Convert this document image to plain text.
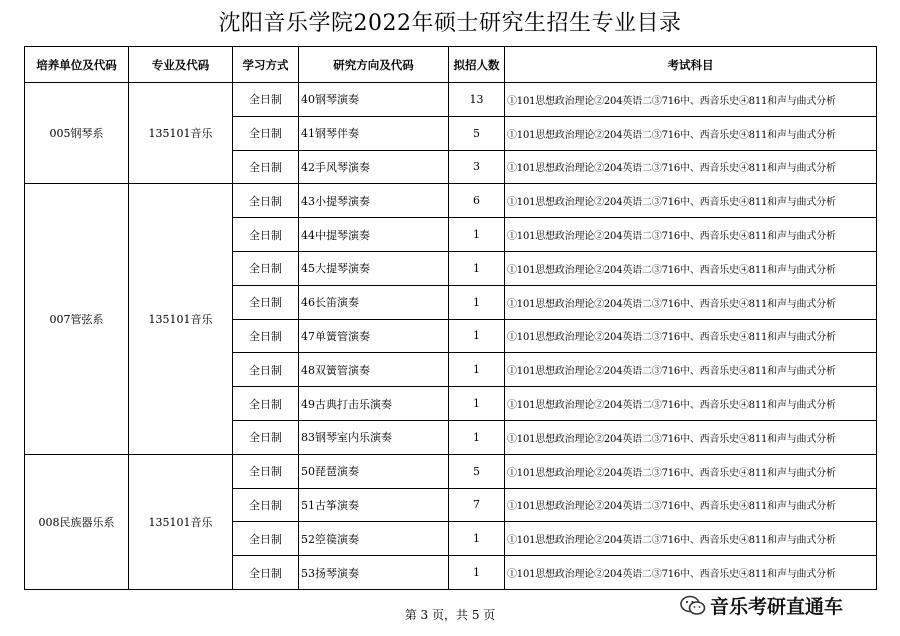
沈阳音乐学院2022年硕士研究生招生专业目录
培养单位及代码	专业及代码	学习方式	研究方向及代码	拟招人数	考试科目
005钢琴系	135101音乐	全日制	40钢琴演奏	13	①101思想政治理论②204英语二③716中、西音乐史④811和声与曲式分析
		全日制	41钢琴伴奏	5	①101思想政治理论②204英语二③716中、西音乐史④811和声与曲式分析
		全日制	42手风琴演奏	3	①101思想政治理论②204英语二③716中、西音乐史④811和声与曲式分析
007管弦系	135101音乐	全日制	43小提琴演奏	6	①101思想政治理论②204英语二③716中、西音乐史④811和声与曲式分析
		全日制	44中提琴演奏	1	①101思想政治理论②204英语二③716中、西音乐史④811和声与曲式分析
		全日制	45大提琴演奏	1	①101思想政治理论②204英语二③716中、西音乐史④811和声与曲式分析
		全日制	46长笛演奏	1	①101思想政治理论②204英语二③716中、西音乐史④811和声与曲式分析
		全日制	47单簧管演奏	1	①101思想政治理论②204英语二③716中、西音乐史④811和声与曲式分析
		全日制	48双簧管演奏	1	①101思想政治理论②204英语二③716中、西音乐史④811和声与曲式分析
		全日制	49古典打击乐演奏	1	①101思想政治理论②204英语二③716中、西音乐史④811和声与曲式分析
		全日制	83钢琴室内乐演奏	1	①101思想政治理论②204英语二③716中、西音乐史④811和声与曲式分析
008民族器乐系	135101音乐	全日制	50琵琶演奏	5	①101思想政治理论②204英语二③716中、西音乐史④811和声与曲式分析
		全日制	51古筝演奏	7	①101思想政治理论②204英语二③716中、西音乐史④811和声与曲式分析
		全日制	52箜篌演奏	1	①101思想政治理论②204英语二③716中、西音乐史④811和声与曲式分析
		全日制	53扬琴演奏	1	①101思想政治理论②204英语二③716中、西音乐史④811和声与曲式分析
第 3 页，共 5 页	音乐考研直通车
